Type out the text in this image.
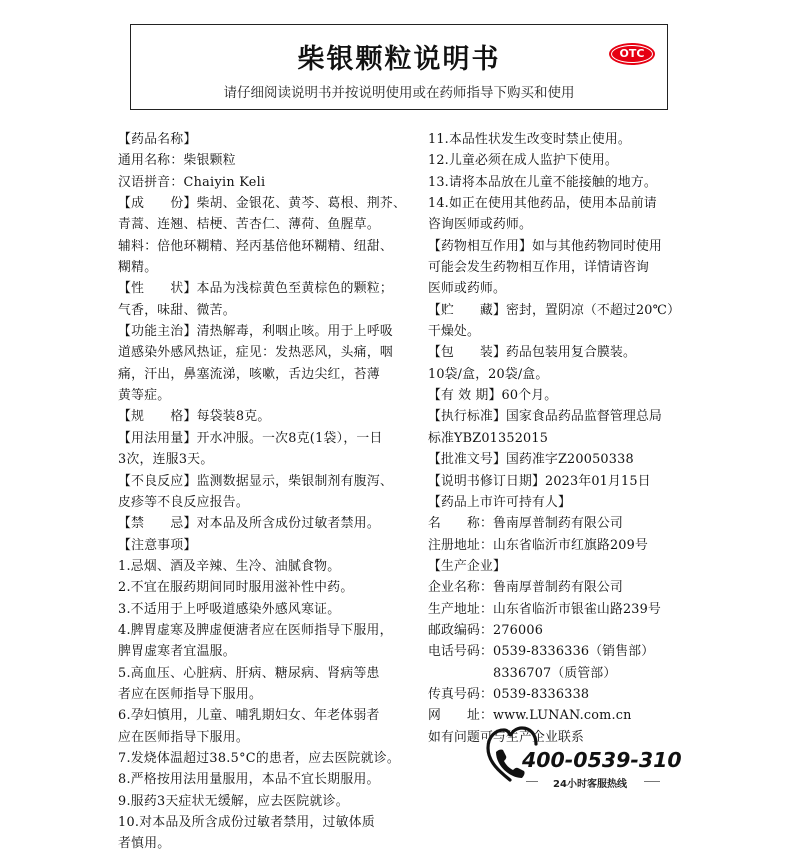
柴银颗粒说明书	OTC
请仔细阅读说明书并按说明使用或在药师指导下购买和使用
【药品名称】
通用名称：柴银颗粒
汉语拼音：Chaiyin Keli
【成　　份】柴胡、金银花、黄芩、葛根、荆芥、
青蒿、连翘、桔梗、苦杏仁、薄荷、鱼腥草。
辅料：倍他环糊精、羟丙基倍他环糊精、纽甜、
糊精。
【性　　状】本品为浅棕黄色至黄棕色的颗粒；
气香，味甜、微苦。
【功能主治】清热解毒，利咽止咳。用于上呼吸
道感染外感风热证，症见：发热恶风，头痛，咽
痛，汗出，鼻塞流涕，咳嗽，舌边尖红，苔薄
黄等症。
【规　　格】每袋装8克。
【用法用量】开水冲服。一次8克(1袋），一日
3次，连服3天。
【不良反应】监测数据显示，柴银制剂有腹泻、
皮疹等不良反应报告。
【禁　　忌】对本品及所含成份过敏者禁用。
【注意事项】
1.忌烟、酒及辛辣、生冷、油腻食物。
2.不宜在服药期间同时服用滋补性中药。
3.不适用于上呼吸道感染外感风寒证。
4.脾胃虚寒及脾虚便溏者应在医师指导下服用，
脾胃虚寒者宜温服。
5.高血压、心脏病、肝病、糖尿病、肾病等患
者应在医师指导下服用。
6.孕妇慎用，儿童、哺乳期妇女、年老体弱者
应在医师指导下服用。
7.发烧体温超过38.5°C的患者，应去医院就诊。
8.严格按用法用量服用，本品不宜长期服用。
9.服药3天症状无缓解，应去医院就诊。
10.对本品及所含成份过敏者禁用，过敏体质
者慎用。
11.本品性状发生改变时禁止使用。
12.儿童必须在成人监护下使用。
13.请将本品放在儿童不能接触的地方。
14.如正在使用其他药品，使用本品前请
咨询医师或药师。
【药物相互作用】如与其他药物同时使用
可能会发生药物相互作用，详情请咨询
医师或药师。
【贮　　藏】密封，置阴凉（不超过20℃）
干燥处。
【包　　装】药品包装用复合膜装。
10袋/盒，20袋/盒。
【有 效 期】60个月。
【执行标准】国家食品药品监督管理总局
标准YBZ01352015
【批准文号】国药准字Z20050338
【说明书修订日期】2023年01月15日
【药品上市许可持有人】
名　　称：鲁南厚普制药有限公司
注册地址：山东省临沂市红旗路209号
【生产企业】
企业名称：鲁南厚普制药有限公司
生产地址：山东省临沂市银雀山路239号
邮政编码：276006
电话号码：0539-8336336（销售部）
　　　　　8336707（质管部）
传真号码：0539-8336338
网　　址：www.LUNAN.com.cn
如有问题可与生产企业联系
400-0539-310
24小时客服热线
